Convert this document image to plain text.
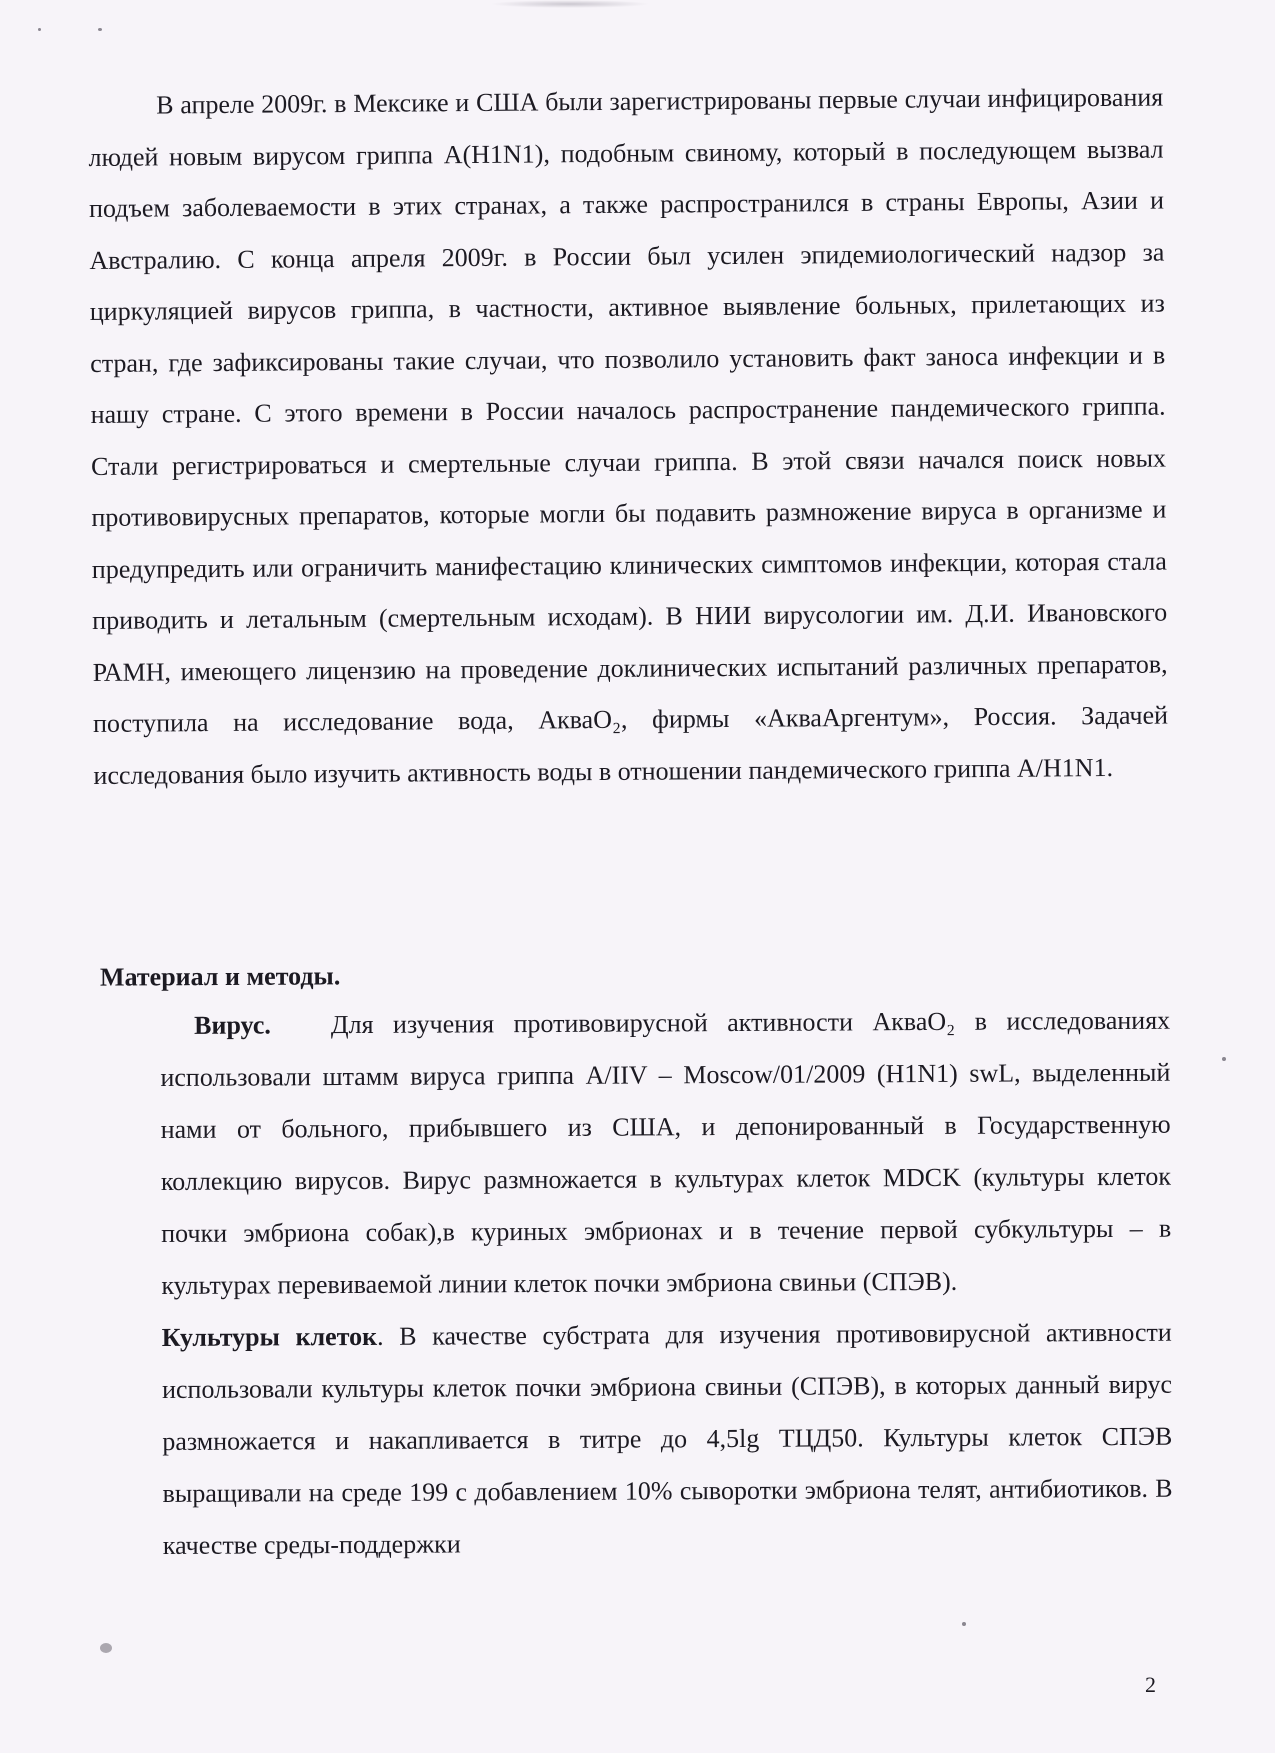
В апреле 2009г. в Мексике и США были зарегистрированы первые случаи инфицирования людей новым вирусом гриппа A(H1N1), подобным свиному, который в последующем вызвал подъем заболеваемости в этих странах, а также распространился в страны Европы, Азии и Австралию. С конца апреля 2009г. в России был усилен эпидемиологический надзор за циркуляцией вирусов гриппа, в частности, активное выявление больных, прилетающих из стран, где зафиксированы такие случаи, что позволило установить факт заноса инфекции и в нашу стране. С этого времени в России началось распространение пандемического гриппа. Стали регистрироваться и смертельные случаи гриппа. В этой связи начался поиск новых противовирусных препаратов, которые могли бы подавить размножение вируса в организме и предупредить или ограничить манифестацию клинических симптомов инфекции, которая стала приводить и летальным (смертельным исходам). В НИИ вирусологии им. Д.И. Ивановского РАМН, имеющего лицензию на проведение доклинических испытаний различных препаратов, поступила на исследование вода, АкваО₂, фирмы «АкваАргентум», Россия. Задачей исследования было изучить активность воды в отношении пандемического гриппа A/H1N1.

Материал и методы.

Вирус. Для изучения противовирусной активности АкваО₂ в исследованиях использовали штамм вируса гриппа A/IIV – Moscow/01/2009 (H1N1) swL, выделенный нами от больного, прибывшего из США, и депонированный в Государственную коллекцию вирусов. Вирус размножается в культурах клеток MDCK (культуры клеток почки эмбриона собак),в куриных эмбрионах и в течение первой субкультуры – в культурах перевиваемой линии клеток почки эмбриона свиньи (СПЭВ).

Культуры клеток. В качестве субстрата для изучения противовирусной активности использовали культуры клеток почки эмбриона свиньи (СПЭВ), в которых данный вирус размножается и накапливается в титре до 4,5lg ТЦД50. Культуры клеток СПЭВ выращивали на среде 199 с добавлением 10% сыворотки эмбриона телят, антибиотиков. В качестве среды-поддержки

2
